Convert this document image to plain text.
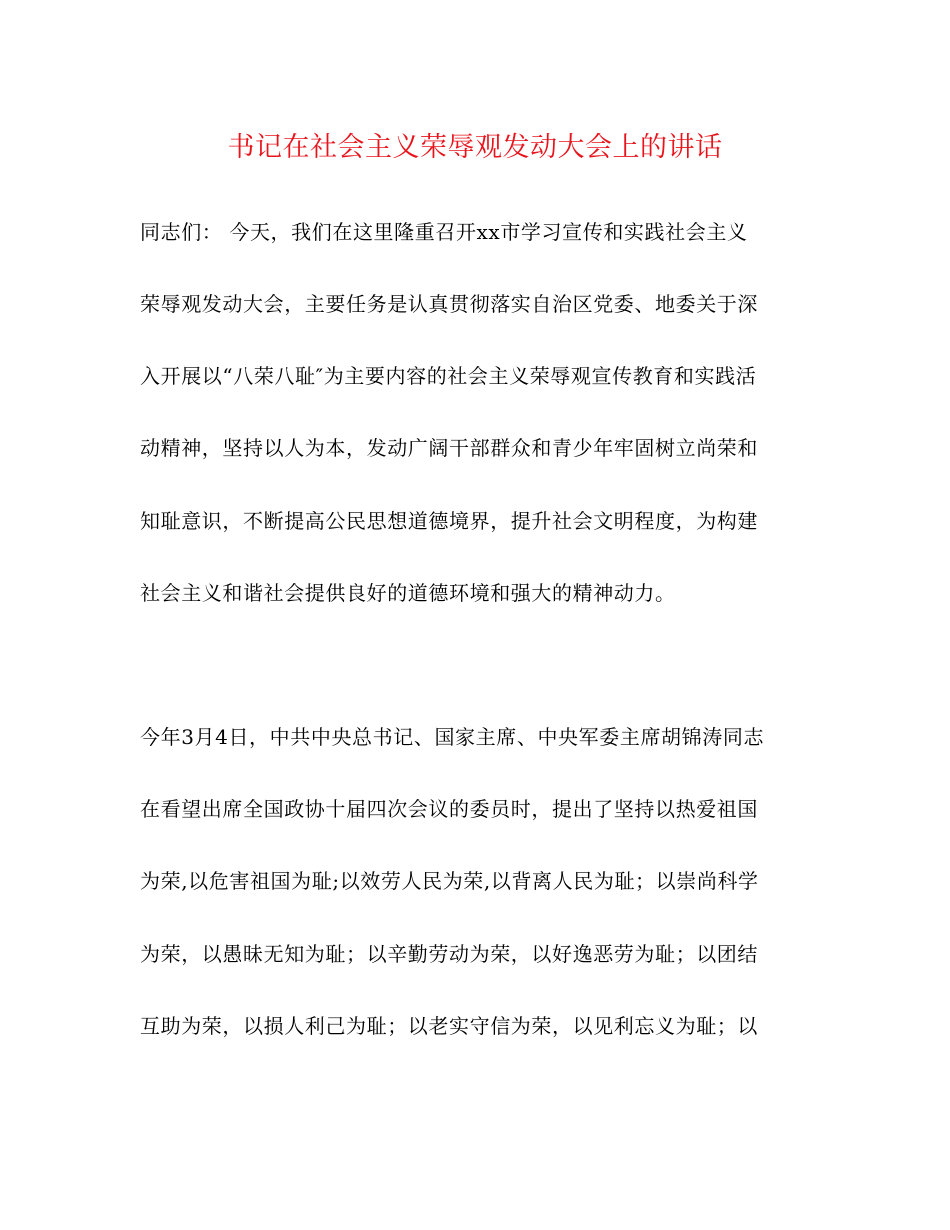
书记在社会主义荣辱观发动大会上的讲话
同志们： 今天，我们在这里隆重召开xx市学习宣传和实践社会主义
荣辱观发动大会，主要任务是认真贯彻落实自治区党委、地委关于深
入开展以“八荣八耻″为主要内容的社会主义荣辱观宣传教育和实践活
动精神，坚持以人为本，发动广阔干部群众和青少年牢固树立尚荣和
知耻意识，不断提高公民思想道德境界，提升社会文明程度，为构建
社会主义和谐社会提供良好的道德环境和强大的精神动力。
今年3月4日，中共中央总书记、国家主席、中央军委主席胡锦涛同志
在看望出席全国政协十届四次会议的委员时，提出了坚持以热爱祖国
为荣,以危害祖国为耻;以效劳人民为荣,以背离人民为耻；以崇尚科学
为荣，以愚昧无知为耻；以辛勤劳动为荣，以好逸恶劳为耻；以团结
互助为荣，以损人利己为耻；以老实守信为荣，以见利忘义为耻；以
